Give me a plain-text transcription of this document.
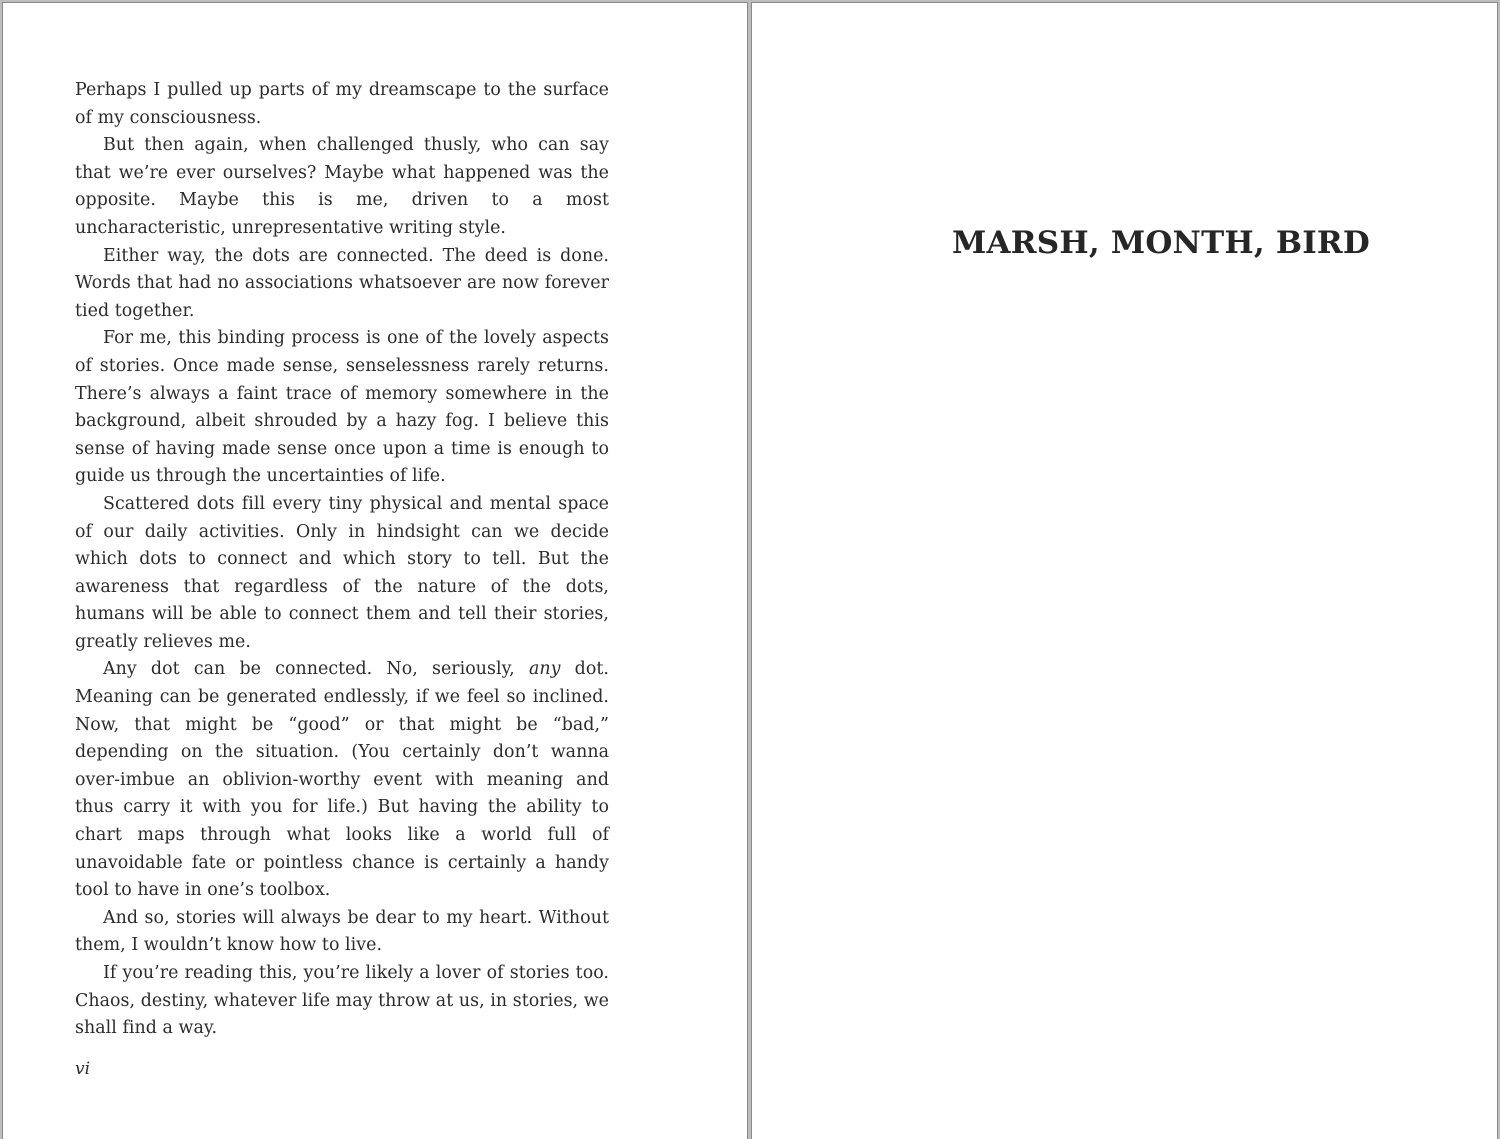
Perhaps I pulled up parts of my dreamscape to the surface of my consciousness.

But then again, when challenged thusly, who can say that we’re ever ourselves? Maybe what happened was the opposite. Maybe this is me, driven to a most uncharacteristic, unrepresentative writing style.

Either way, the dots are connected. The deed is done. Words that had no associations whatsoever are now forever tied together.

For me, this binding process is one of the lovely aspects of stories. Once made sense, senselessness rarely returns. There’s always a faint trace of memory somewhere in the background, albeit shrouded by a hazy fog. I believe this sense of having made sense once upon a time is enough to guide us through the uncertainties of life.

Scattered dots fill every tiny physical and mental space of our daily activities. Only in hindsight can we decide which dots to connect and which story to tell. But the awareness that regardless of the nature of the dots, humans will be able to connect them and tell their stories, greatly relieves me.

Any dot can be connected. No, seriously, any dot. Meaning can be generated endlessly, if we feel so inclined. Now, that might be “good” or that might be “bad,” depending on the situation. (You certainly don’t wanna over-imbue an oblivion-worthy event with meaning and thus carry it with you for life.) But having the ability to chart maps through what looks like a world full of unavoidable fate or pointless chance is certainly a handy tool to have in one’s toolbox.

And so, stories will always be dear to my heart. Without them, I wouldn’t know how to live.

If you’re reading this, you’re likely a lover of stories too. Chaos, destiny, whatever life may throw at us, in stories, we shall find a way.

vi
MARSH, MONTH, BIRD
